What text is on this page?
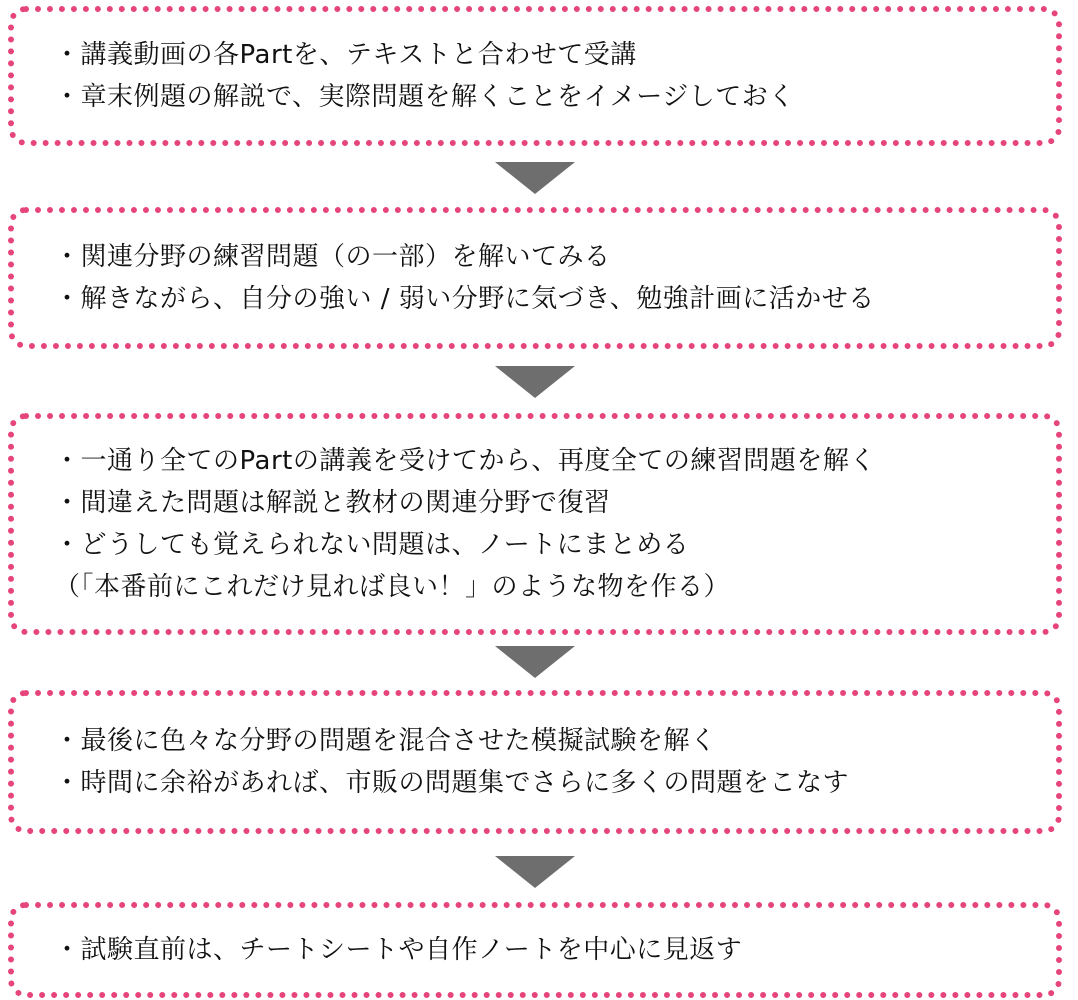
・講義動画の各Partを、テキストと合わせて受講
・章末例題の解説で、実際問題を解くことをイメージしておく
・関連分野の練習問題（の一部）を解いてみる
・解きながら、自分の強い / 弱い分野に気づき、勉強計画に活かせる
・一通り全てのPartの講義を受けてから、再度全ての練習問題を解く
・間違えた問題は解説と教材の関連分野で復習
・どうしても覚えられない問題は、ノートにまとめる
（「本番前にこれだけ見れば良い！」のような物を作る）
・最後に色々な分野の問題を混合させた模擬試験を解く
・時間に余裕があれば、市販の問題集でさらに多くの問題をこなす
・試験直前は、チートシートや自作ノートを中心に見返す
